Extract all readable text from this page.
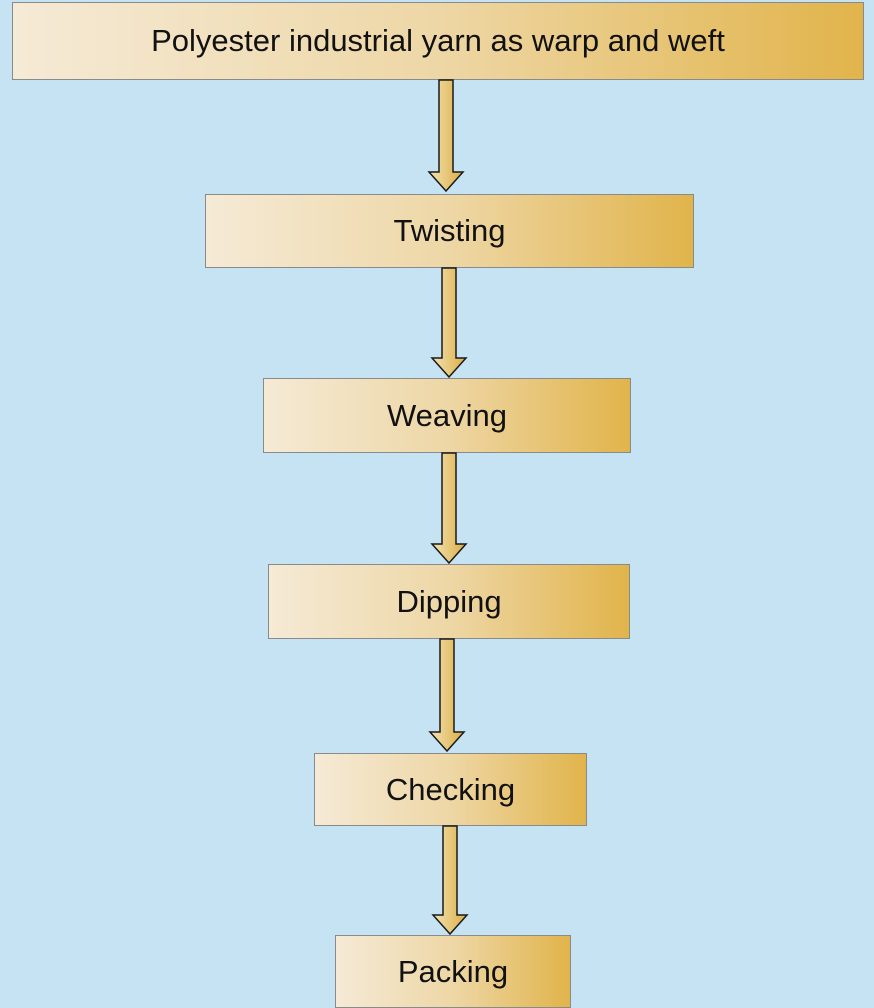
Polyester industrial yarn as warp and weft
Twisting
Weaving
Dipping
Checking
Packing
